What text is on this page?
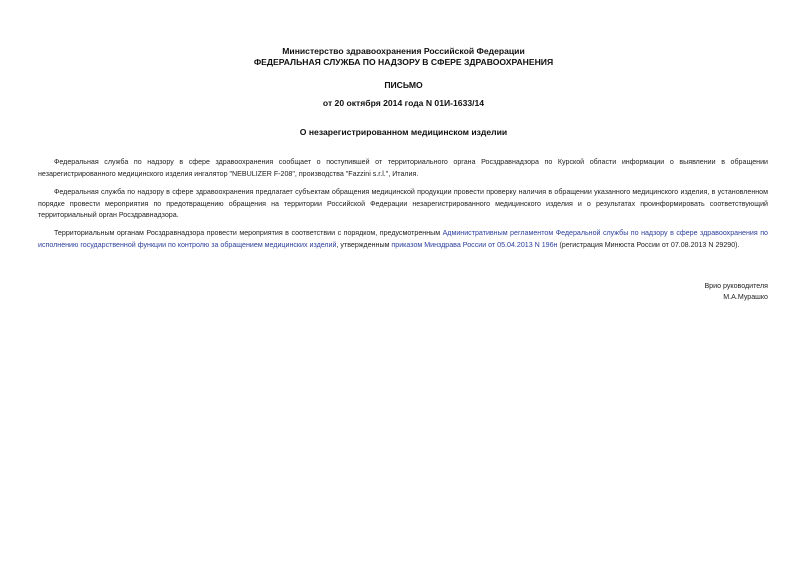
Министерство здравоохранения Российской Федерации
ФЕДЕРАЛЬНАЯ СЛУЖБА ПО НАДЗОРУ В СФЕРЕ ЗДРАВООХРАНЕНИЯ
ПИСЬМО
от 20 октября 2014 года N 01И-1633/14
О незарегистрированном медицинском изделии

Федеральная служба по надзору в сфере здравоохранения сообщает о поступившей от территориального органа Росздравнадзора по Курской области информации о выявлении в обращении незарегистрированного медицинского изделия ингалятор "NEBULIZER F-208", производства "Fazzini s.r.l.", Италия.

Федеральная служба по надзору в сфере здравоохранения предлагает субъектам обращения медицинской продукции провести проверку наличия в обращении указанного медицинского изделия, в установленном порядке провести мероприятия по предотвращению обращения на территории Российской Федерации незарегистрированного медицинского изделия и о результатах проинформировать соответствующий территориальный орган Росздравнадзора.

Территориальным органам Росздравнадзора провести мероприятия в соответствии с порядком, предусмотренным Административным регламентом Федеральной службы по надзору в сфере здравоохранения по исполнению государственной функции по контролю за обращением медицинских изделий, утвержденным приказом Минздрава России от 05.04.2013 N 196н (регистрация Минюста России от 07.08.2013 N 29290).

Врио руководителя
М.А.Мурашко
